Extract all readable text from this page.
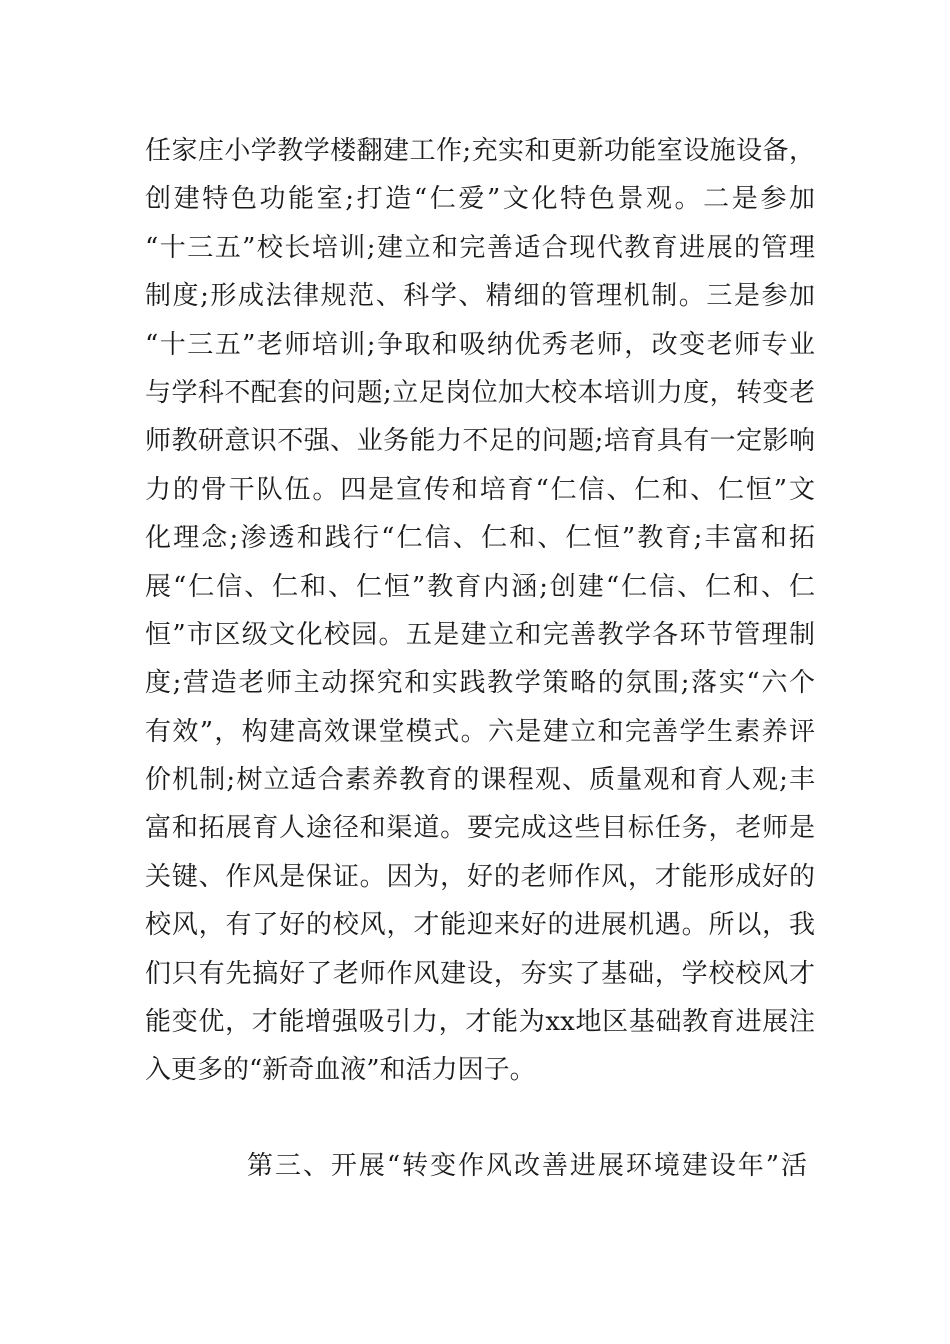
任家庄小学教学楼翻建工作;充实和更新功能室设施设备，
创建特色功能室;打造“仁爱”文化特色景观。二是参加
“十三五”校长培训;建立和完善适合现代教育进展的管理
制度;形成法律规范、科学、精细的管理机制。三是参加
“十三五”老师培训;争取和吸纳优秀老师，改变老师专业
与学科不配套的问题;立足岗位加大校本培训力度，转变老
师教研意识不强、业务能力不足的问题;培育具有一定影响
力的骨干队伍。四是宣传和培育“仁信、仁和、仁恒”文
化理念;渗透和践行“仁信、仁和、仁恒”教育;丰富和拓
展“仁信、仁和、仁恒”教育内涵;创建“仁信、仁和、仁
恒”市区级文化校园。五是建立和完善教学各环节管理制
度;营造老师主动探究和实践教学策略的氛围;落实“六个
有效”，构建高效课堂模式。六是建立和完善学生素养评
价机制;树立适合素养教育的课程观、质量观和育人观;丰
富和拓展育人途径和渠道。要完成这些目标任务，老师是
关键、作风是保证。因为，好的老师作风，才能形成好的
校风，有了好的校风，才能迎来好的进展机遇。所以，我
们只有先搞好了老师作风建设，夯实了基础，学校校风才
能变优，才能增强吸引力，才能为xx地区基础教育进展注
入更多的“新奇血液”和活力因子。
第三、开展“转变作风改善进展环境建设年”活
